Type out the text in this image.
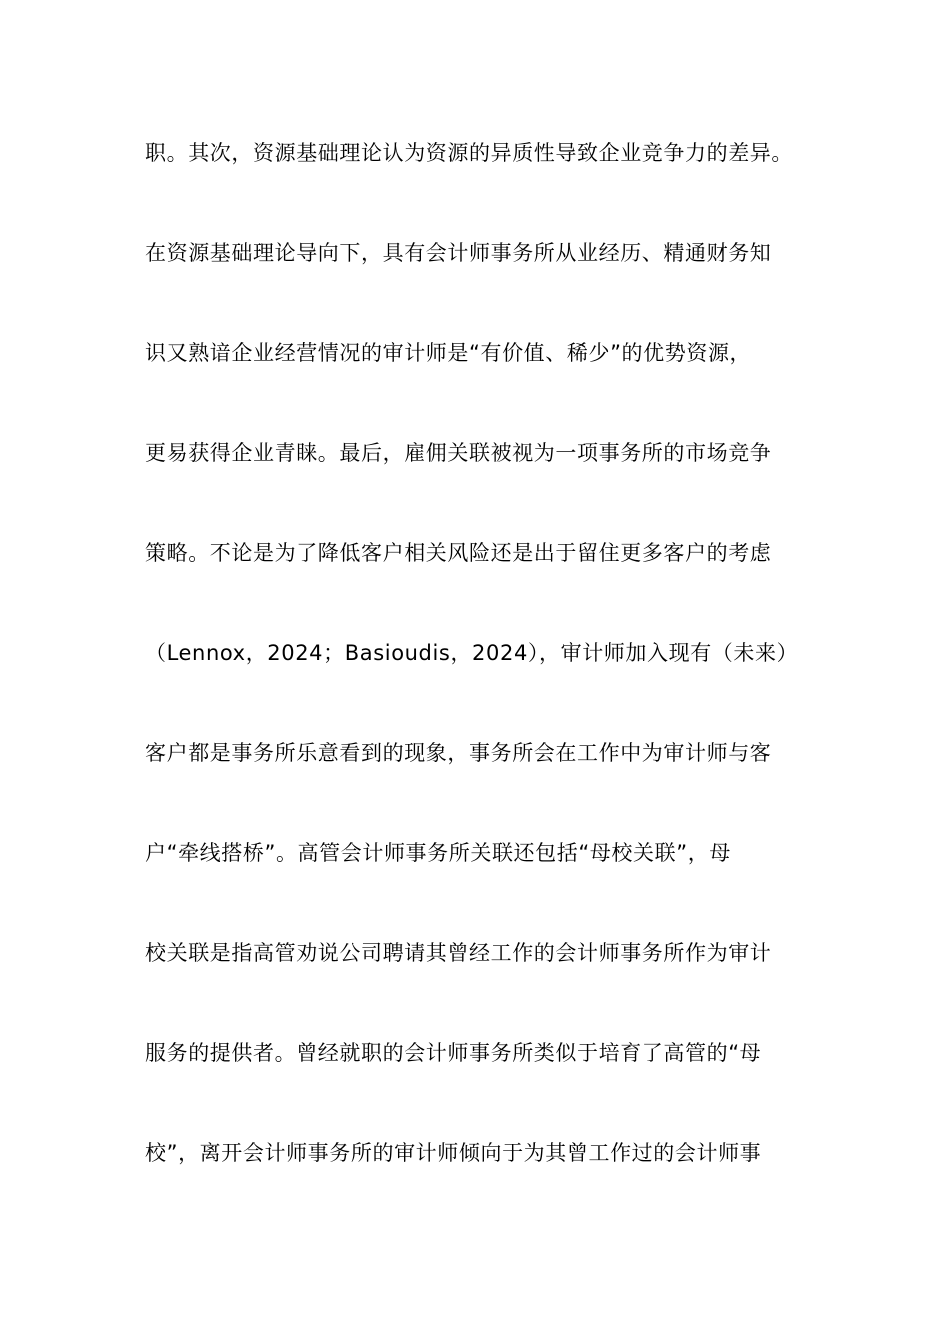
职。其次，资源基础理论认为资源的异质性导致企业竞争力的差异。
在资源基础理论导向下，具有会计师事务所从业经历、精通财务知
识又熟谙企业经营情况的审计师是“有价值、稀少”的优势资源，
更易获得企业青睐。最后，雇佣关联被视为一项事务所的市场竞争
策略。不论是为了降低客户相关风险还是出于留住更多客户的考虑
（Lennox，2024；Basioudis，2024），审计师加入现有（未来）
客户都是事务所乐意看到的现象，事务所会在工作中为审计师与客
户“牵线搭桥”。高管会计师事务所关联还包括“母校关联”，母
校关联是指高管劝说公司聘请其曾经工作的会计师事务所作为审计
服务的提供者。曾经就职的会计师事务所类似于培育了高管的“母
校”，离开会计师事务所的审计师倾向于为其曾工作过的会计师事
